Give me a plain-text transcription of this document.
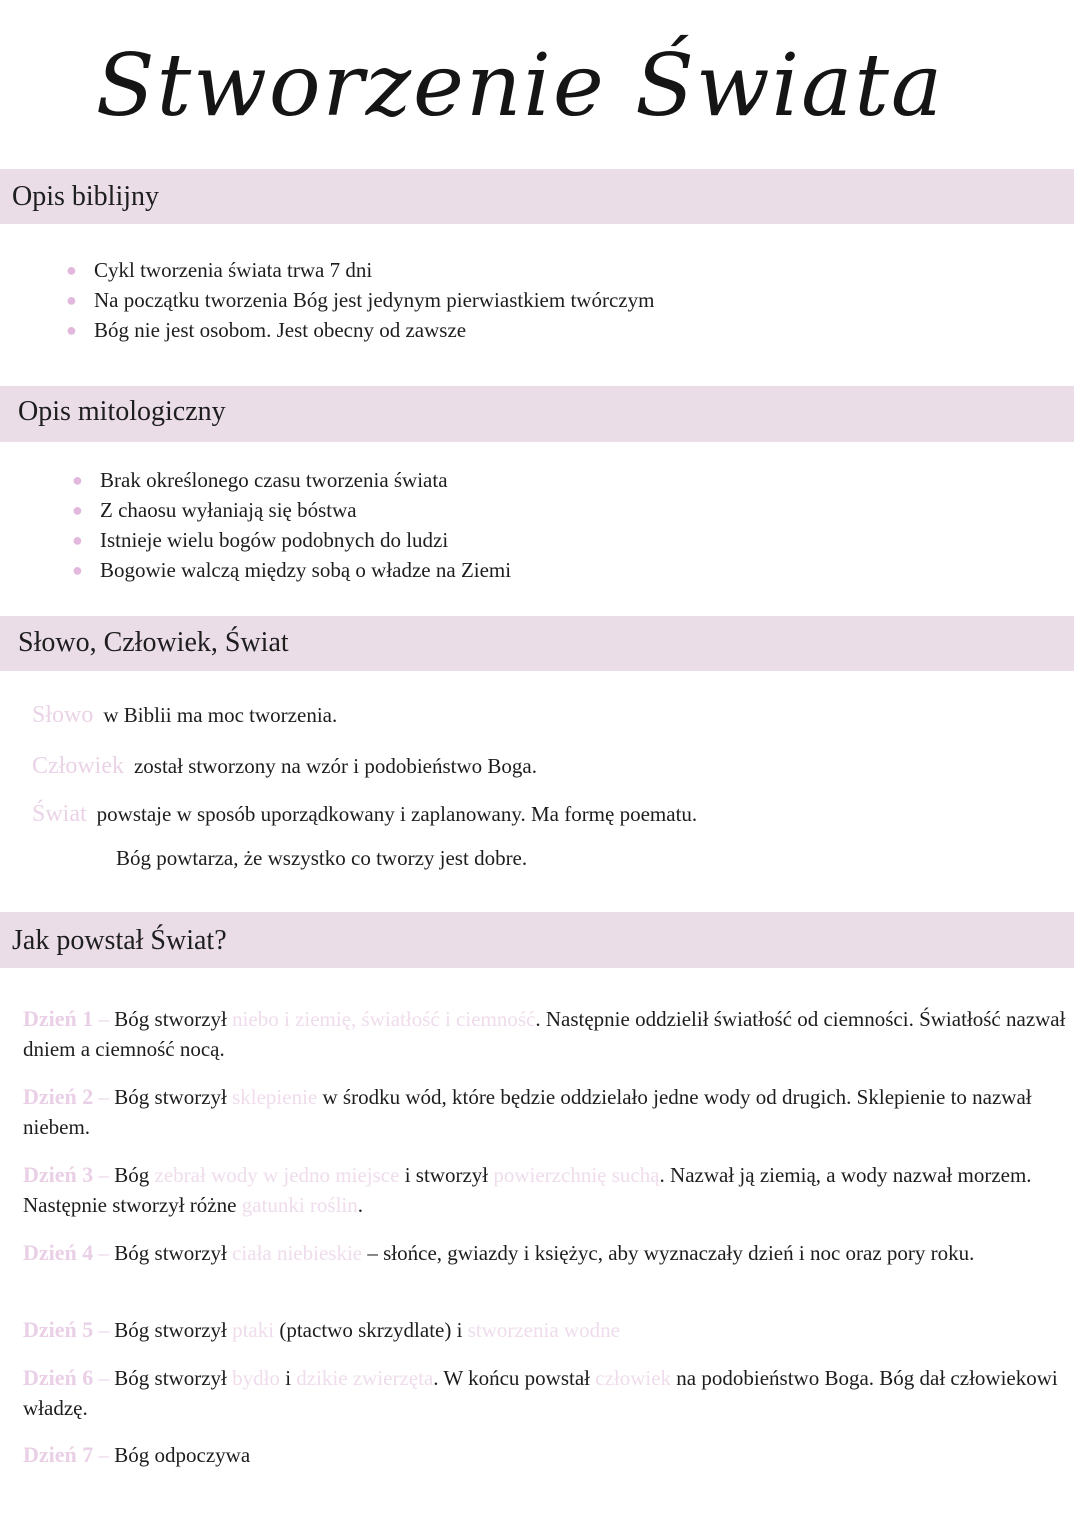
Stworzenie Świata
Opis biblijny
● Cykl tworzenia świata trwa 7 dni
● Na początku tworzenia Bóg jest jedynym pierwiastkiem twórczym
● Bóg nie jest osobom. Jest obecny od zawsze
Opis mitologiczny
● Brak określonego czasu tworzenia świata
● Z chaosu wyłaniają się bóstwa
● Istnieje wielu bogów podobnych do ludzi
● Bogowie walczą między sobą o władze na Ziemi
Słowo, Człowiek, Świat
Słowo w Biblii ma moc tworzenia.
Człowiek został stworzony na wzór i podobieństwo Boga.
Świat powstaje w sposób uporządkowany i zaplanowany. Ma formę poematu.
Bóg powtarza, że wszystko co tworzy jest dobre.
Jak powstał Świat?
Dzień 1 – Bóg stworzył niebo i ziemię, światłość i ciemność. Następnie oddzielił światłość od ciemności. Światłość nazwał dniem a ciemność nocą.
Dzień 2 – Bóg stworzył sklepienie w środku wód, które będzie oddzielało jedne wody od drugich. Sklepienie to nazwał niebem.
Dzień 3 – Bóg zebrał wody w jedno miejsce i stworzył powierzchnię suchą. Nazwał ją ziemią, a wody nazwał morzem. Następnie stworzył różne gatunki roślin.
Dzień 4 – Bóg stworzył ciała niebieskie – słońce, gwiazdy i księżyc, aby wyznaczały dzień i noc oraz pory roku.
Dzień 5 – Bóg stworzył ptaki (ptactwo skrzydlate) i stworzenia wodne
Dzień 6 – Bóg stworzył bydło i dzikie zwierzęta. W końcu powstał człowiek na podobieństwo Boga. Bóg dał człowiekowi władzę.
Dzień 7 – Bóg odpoczywa
